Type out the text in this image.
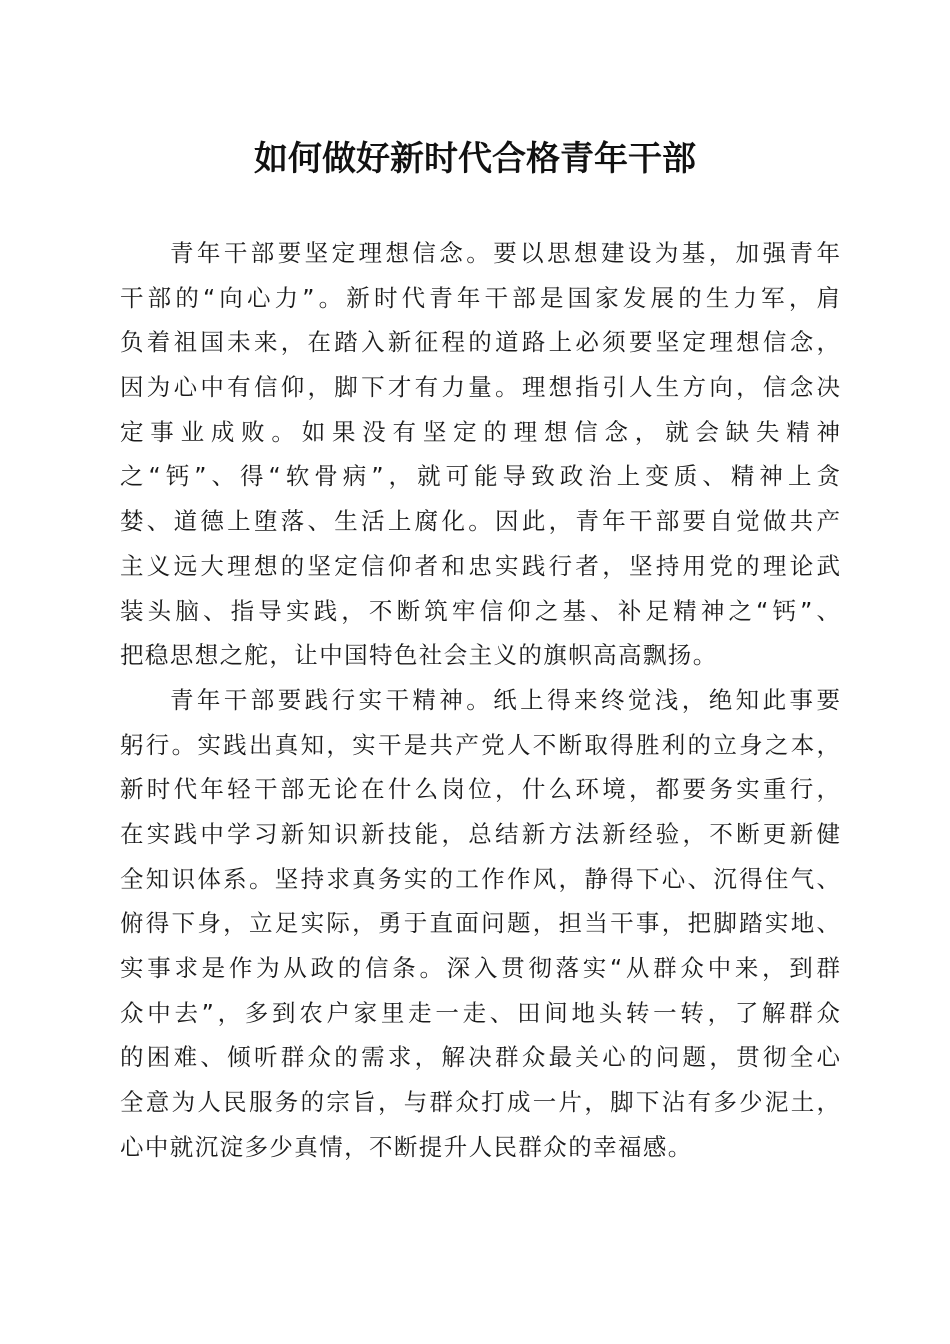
如何做好新时代合格青年干部
青年干部要坚定理想信念。要以思想建设为基，加强青年
干部的“向心力”。新时代青年干部是国家发展的生力军，肩
负着祖国未来，在踏入新征程的道路上必须要坚定理想信念，
因为心中有信仰，脚下才有力量。理想指引人生方向，信念决
定事业成败。如果没有坚定的理想信念，就会缺失精神
之“钙”、得“软骨病”，就可能导致政治上变质、精神上贪
婪、道德上堕落、生活上腐化。因此，青年干部要自觉做共产
主义远大理想的坚定信仰者和忠实践行者，坚持用党的理论武
装头脑、指导实践，不断筑牢信仰之基、补足精神之“钙”、
把稳思想之舵，让中国特色社会主义的旗帜高高飘扬。
青年干部要践行实干精神。纸上得来终觉浅，绝知此事要
躬行。实践出真知，实干是共产党人不断取得胜利的立身之本，
新时代年轻干部无论在什么岗位，什么环境，都要务实重行，
在实践中学习新知识新技能，总结新方法新经验，不断更新健
全知识体系。坚持求真务实的工作作风，静得下心、沉得住气、
俯得下身，立足实际，勇于直面问题，担当干事，把脚踏实地、
实事求是作为从政的信条。深入贯彻落实“从群众中来，到群
众中去”，多到农户家里走一走、田间地头转一转，了解群众
的困难、倾听群众的需求，解决群众最关心的问题，贯彻全心
全意为人民服务的宗旨，与群众打成一片，脚下沾有多少泥土，
心中就沉淀多少真情，不断提升人民群众的幸福感。
